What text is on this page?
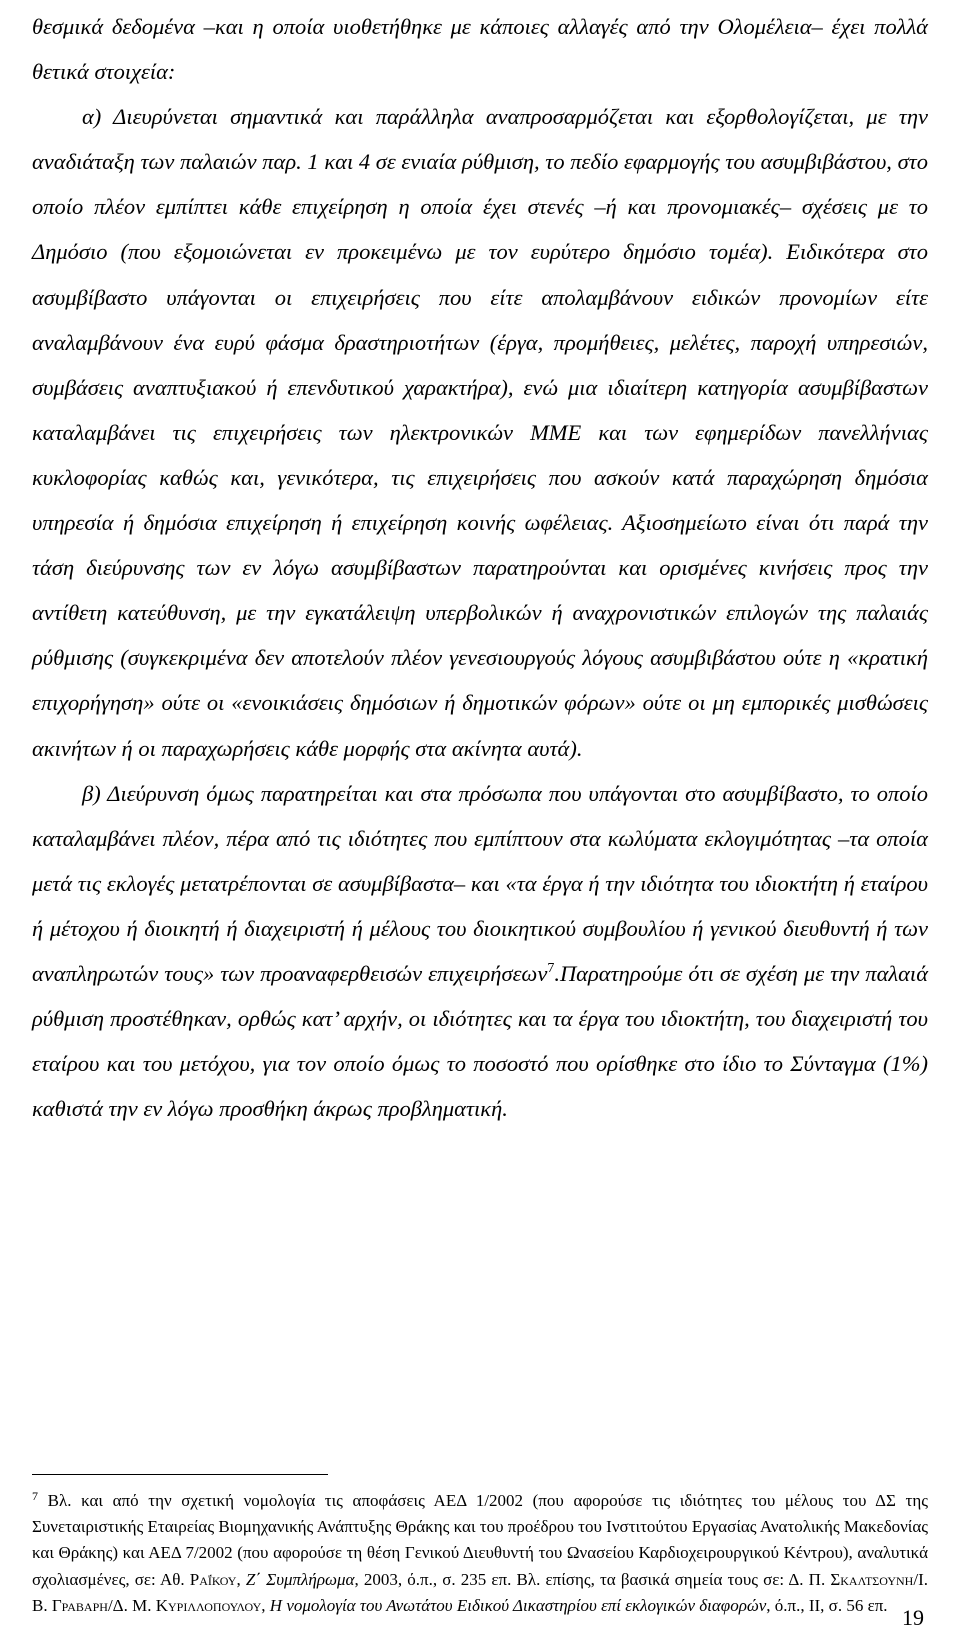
θεσμικά δεδομένα –και η οποία υιοθετήθηκε με κάποιες αλλαγές από την Ολομέλεια– έχει πολλά θετικά στοιχεία:

α) Διευρύνεται σημαντικά και παράλληλα αναπροσαρμόζεται και εξορθολογίζεται, με την αναδιάταξη των παλαιών παρ. 1 και 4 σε ενιαία ρύθμιση, το πεδίο εφαρμογής του ασυμβιβάστου, στο οποίο πλέον εμπίπτει κάθε επιχείρηση η οποία έχει στενές –ή και προνομιακές– σχέσεις με το Δημόσιο (που εξομοιώνεται εν προκειμένω με τον ευρύτερο δημόσιο τομέα). Ειδικότερα στο ασυμβίβαστο υπάγονται οι επιχειρήσεις που είτε απολαμβάνουν ειδικών προνομίων είτε αναλαμβάνουν ένα ευρύ φάσμα δραστηριοτήτων (έργα, προμήθειες, μελέτες, παροχή υπηρεσιών, συμβάσεις αναπτυξιακού ή επενδυτικού χαρακτήρα), ενώ μια ιδιαίτερη κατηγορία ασυμβίβαστων καταλαμβάνει τις επιχειρήσεις των ηλεκτρονικών ΜΜΕ και των εφημερίδων πανελλήνιας κυκλοφορίας καθώς και, γενικότερα, τις επιχειρήσεις που ασκούν κατά παραχώρηση δημόσια υπηρεσία ή δημόσια επιχείρηση ή επιχείρηση κοινής ωφέλειας. Αξιοσημείωτο είναι ότι παρά την τάση διεύρυνσης των εν λόγω ασυμβίβαστων παρατηρούνται και ορισμένες κινήσεις προς την αντίθετη κατεύθυνση, με την εγκατάλειψη υπερβολικών ή αναχρονιστικών επιλογών της παλαιάς ρύθμισης (συγκεκριμένα δεν αποτελούν πλέον γενεσιουργούς λόγους ασυμβιβάστου ούτε η «κρατική επιχορήγηση» ούτε οι «ενοικιάσεις δημόσιων ή δημοτικών φόρων» ούτε οι μη εμπορικές μισθώσεις ακινήτων ή οι παραχωρήσεις κάθε μορφής στα ακίνητα αυτά).

β) Διεύρυνση όμως παρατηρείται και στα πρόσωπα που υπάγονται στο ασυμβίβαστο, το οποίο καταλαμβάνει πλέον, πέρα από τις ιδιότητες που εμπίπτουν στα κωλύματα εκλογιμότητας –τα οποία μετά τις εκλογές μετατρέπονται σε ασυμβίβαστα– και «τα έργα ή την ιδιότητα του ιδιοκτήτη ή εταίρου ή μέτοχου ή διοικητή ή διαχειριστή ή μέλους του διοικητικού συμβουλίου ή γενικού διευθυντή ή των αναπληρωτών τους» των προαναφερθεισών επιχειρήσεων$^7$.Παρατηρούμε ότι σε σχέση με την παλαιά ρύθμιση προστέθηκαν, ορθώς κατ’ αρχήν, οι ιδιότητες και τα έργα του ιδιοκτήτη, του διαχειριστή του εταίρου και του μετόχου, για τον οποίο όμως το ποσοστό που ορίσθηκε στο ίδιο το Σύνταγμα (1%) καθιστά την εν λόγω προσθήκη άκρως προβληματική.

$^7$ Βλ. και από την σχετική νομολογία τις αποφάσεις ΑΕΔ 1/2002 (που αφορούσε τις ιδιότητες του μέλους του ΔΣ της Συνεταιριστικής Εταιρείας Βιομηχανικής Ανάπτυξης Θράκης και του προέδρου του Ινστιτούτου Εργασίας Ανατολικής Μακεδονίας και Θράκης) και ΑΕΔ 7/2002 (που αφορούσε τη θέση Γενικού Διευθυντή του Ωνασείου Καρδιοχειρουργικού Κέντρου), αναλυτικά σχολιασμένες, σε: Αθ. Ραΐκου, Ζ΄ Συμπλήρωμα, 2003, ό.π., σ. 235 επ. Βλ. επίσης, τα βασικά σημεία τους σε: Δ. Π. Σκαλτσουνη/Ι. Β. Γραβαρη/Δ. Μ. Κυριλλοπουλου, Η νομολογία του Ανωτάτου Ειδικού Δικαστηρίου επί εκλογικών διαφορών, ό.π., ΙΙ, σ. 56 επ. 19
